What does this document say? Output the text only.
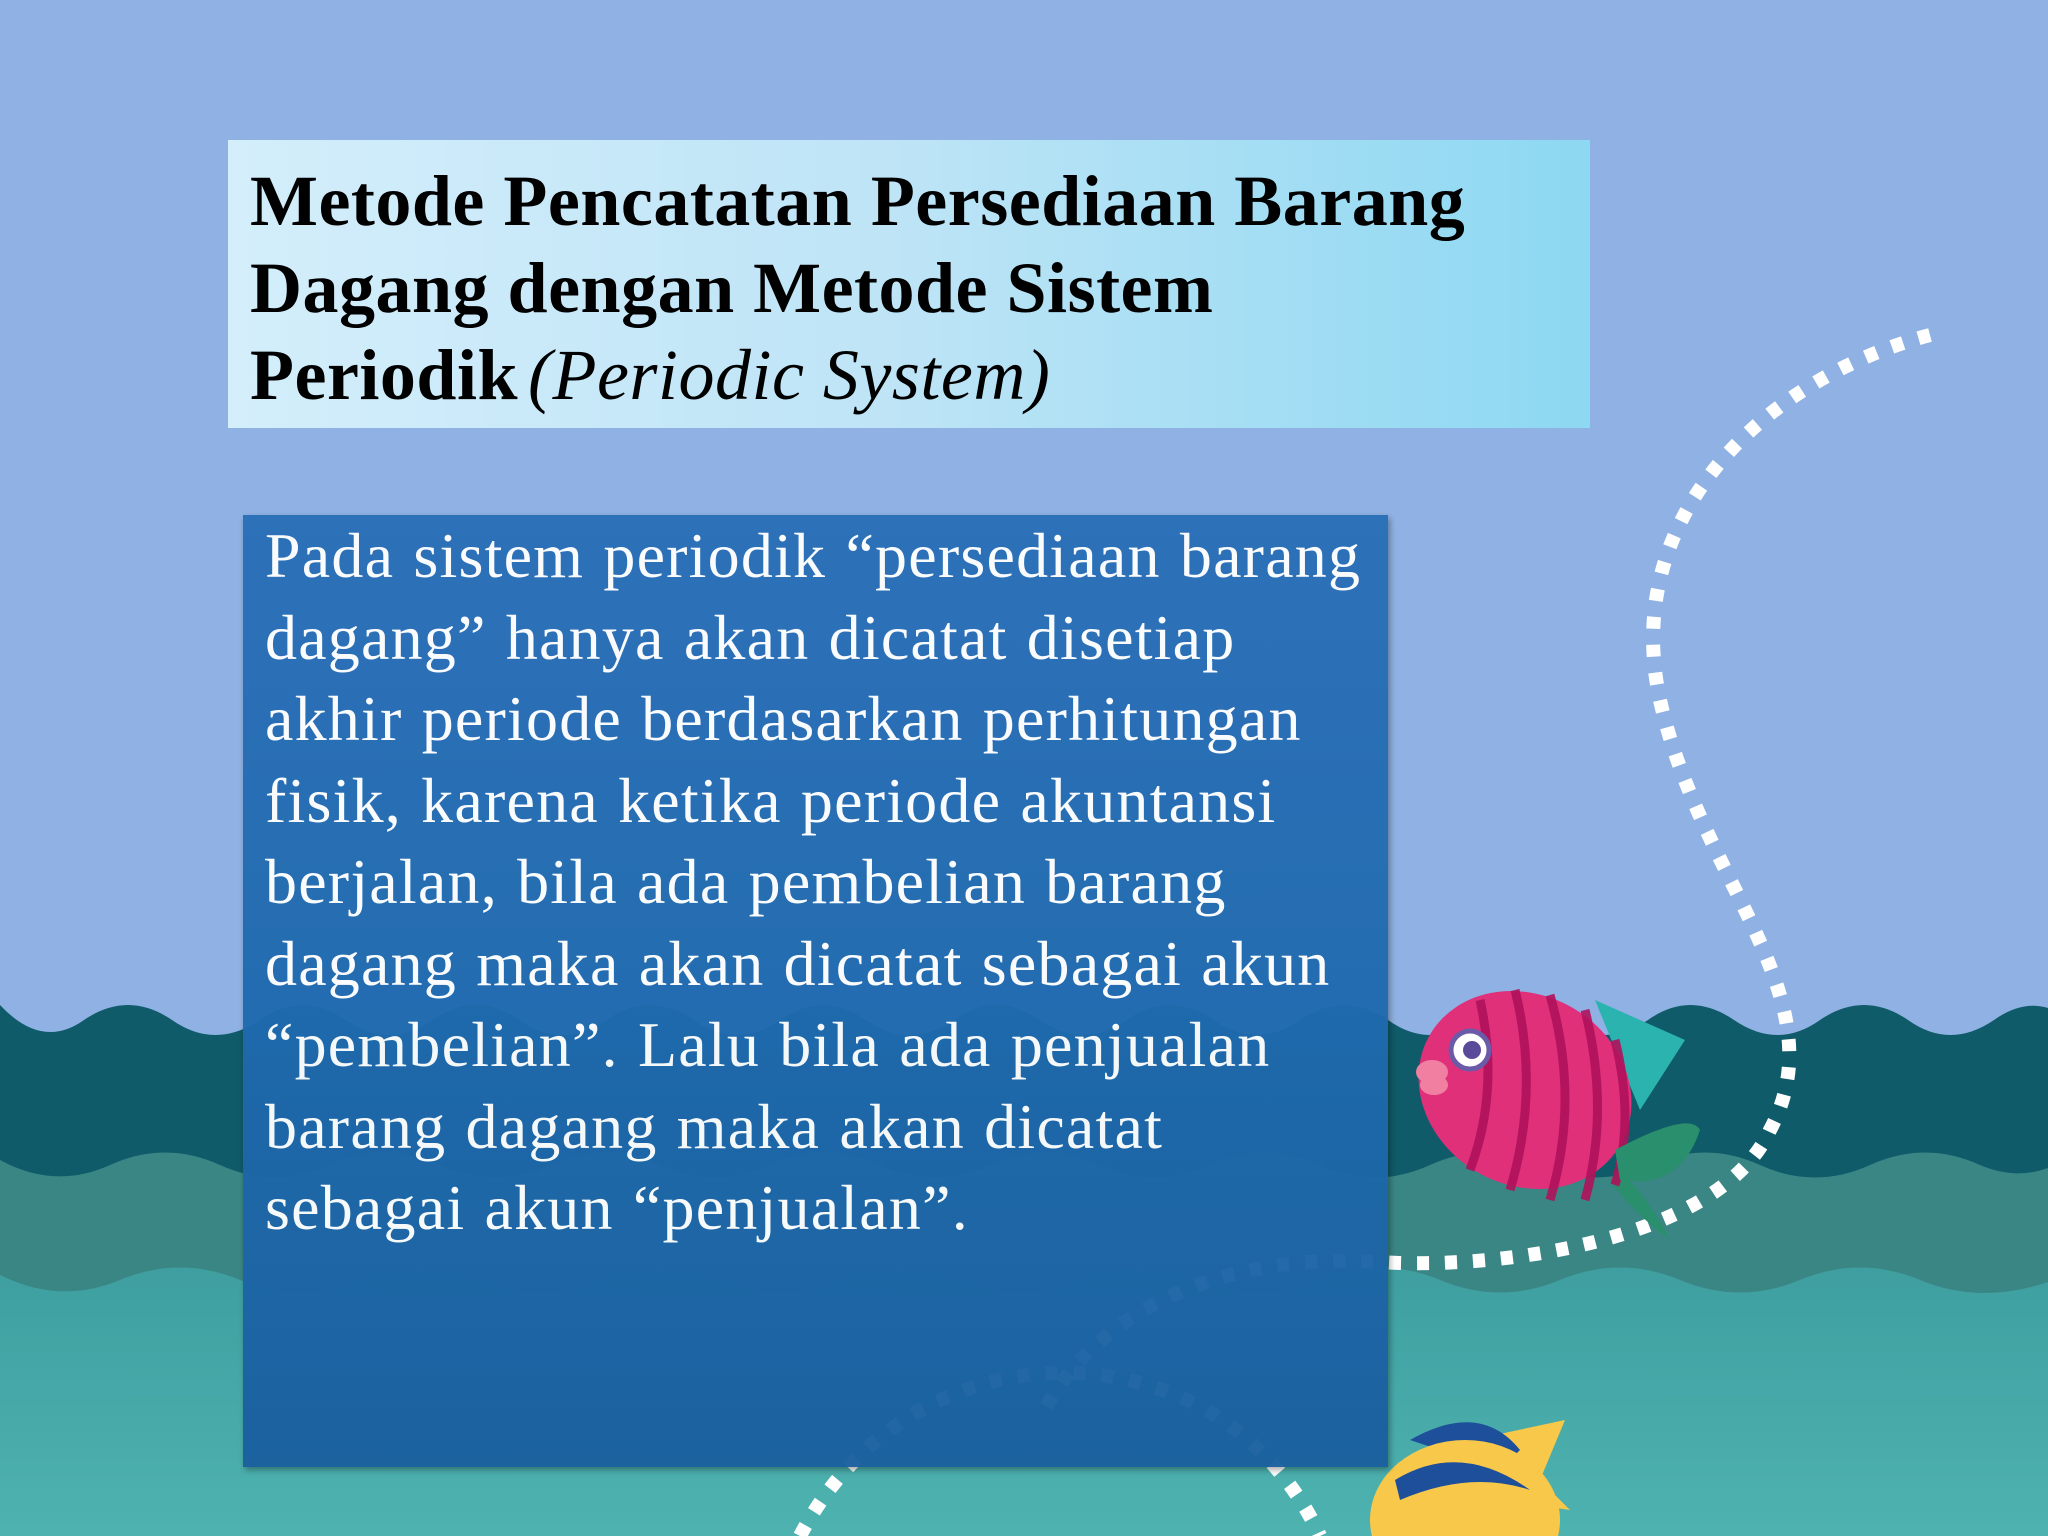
Metode Pencatatan Persediaan Barang Dagang dengan Metode Sistem Periodik (Periodic System)

Pada sistem periodik “persediaan barang dagang” hanya akan dicatat disetiap akhir periode berdasarkan perhitungan fisik, karena ketika periode akuntansi berjalan, bila ada pembelian barang dagang maka akan dicatat sebagai akun “pembelian”. Lalu bila ada penjualan barang dagang maka akan dicatat sebagai akun “penjualan”.
